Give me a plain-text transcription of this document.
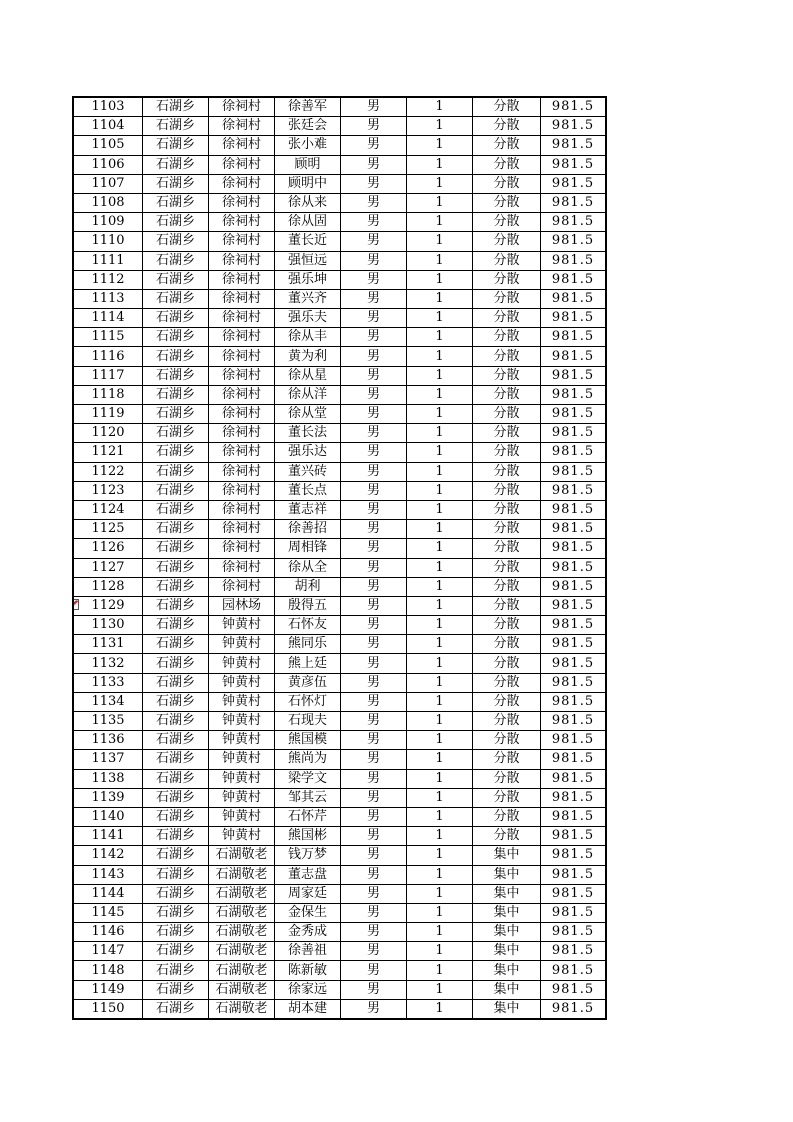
1103	石湖乡	徐祠村	徐善军	男	1	分散	981.5
1104	石湖乡	徐祠村	张廷会	男	1	分散	981.5
1105	石湖乡	徐祠村	张小难	男	1	分散	981.5
1106	石湖乡	徐祠村	顾明	男	1	分散	981.5
1107	石湖乡	徐祠村	顾明中	男	1	分散	981.5
1108	石湖乡	徐祠村	徐从来	男	1	分散	981.5
1109	石湖乡	徐祠村	徐从固	男	1	分散	981.5
1110	石湖乡	徐祠村	董长近	男	1	分散	981.5
1111	石湖乡	徐祠村	强恒远	男	1	分散	981.5
1112	石湖乡	徐祠村	强乐坤	男	1	分散	981.5
1113	石湖乡	徐祠村	董兴齐	男	1	分散	981.5
1114	石湖乡	徐祠村	强乐夫	男	1	分散	981.5
1115	石湖乡	徐祠村	徐从丰	男	1	分散	981.5
1116	石湖乡	徐祠村	黄为利	男	1	分散	981.5
1117	石湖乡	徐祠村	徐从星	男	1	分散	981.5
1118	石湖乡	徐祠村	徐从洋	男	1	分散	981.5
1119	石湖乡	徐祠村	徐从堂	男	1	分散	981.5
1120	石湖乡	徐祠村	董长法	男	1	分散	981.5
1121	石湖乡	徐祠村	强乐达	男	1	分散	981.5
1122	石湖乡	徐祠村	董兴砖	男	1	分散	981.5
1123	石湖乡	徐祠村	董长点	男	1	分散	981.5
1124	石湖乡	徐祠村	董志祥	男	1	分散	981.5
1125	石湖乡	徐祠村	徐善招	男	1	分散	981.5
1126	石湖乡	徐祠村	周相锋	男	1	分散	981.5
1127	石湖乡	徐祠村	徐从全	男	1	分散	981.5
1128	石湖乡	徐祠村	胡利	男	1	分散	981.5

1129	石湖乡	园林场	殷得五	男	1	分散	981.5
1130	石湖乡	钟黄村	石怀友	男	1	分散	981.5
1131	石湖乡	钟黄村	熊同乐	男	1	分散	981.5
1132	石湖乡	钟黄村	熊上廷	男	1	分散	981.5
1133	石湖乡	钟黄村	黄彦伍	男	1	分散	981.5
1134	石湖乡	钟黄村	石怀灯	男	1	分散	981.5
1135	石湖乡	钟黄村	石现夫	男	1	分散	981.5
1136	石湖乡	钟黄村	熊国模	男	1	分散	981.5
1137	石湖乡	钟黄村	熊尚为	男	1	分散	981.5
1138	石湖乡	钟黄村	梁学文	男	1	分散	981.5
1139	石湖乡	钟黄村	邹其云	男	1	分散	981.5
1140	石湖乡	钟黄村	石怀芹	男	1	分散	981.5
1141	石湖乡	钟黄村	熊国彬	男	1	分散	981.5
1142	石湖乡	石湖敬老	钱万梦	男	1	集中	981.5
1143	石湖乡	石湖敬老	董志盘	男	1	集中	981.5
1144	石湖乡	石湖敬老	周家廷	男	1	集中	981.5
1145	石湖乡	石湖敬老	金保生	男	1	集中	981.5
1146	石湖乡	石湖敬老	金秀成	男	1	集中	981.5
1147	石湖乡	石湖敬老	徐善祖	男	1	集中	981.5
1148	石湖乡	石湖敬老	陈新敏	男	1	集中	981.5
1149	石湖乡	石湖敬老	徐家远	男	1	集中	981.5
1150	石湖乡	石湖敬老	胡本建	男	1	集中	981.5
